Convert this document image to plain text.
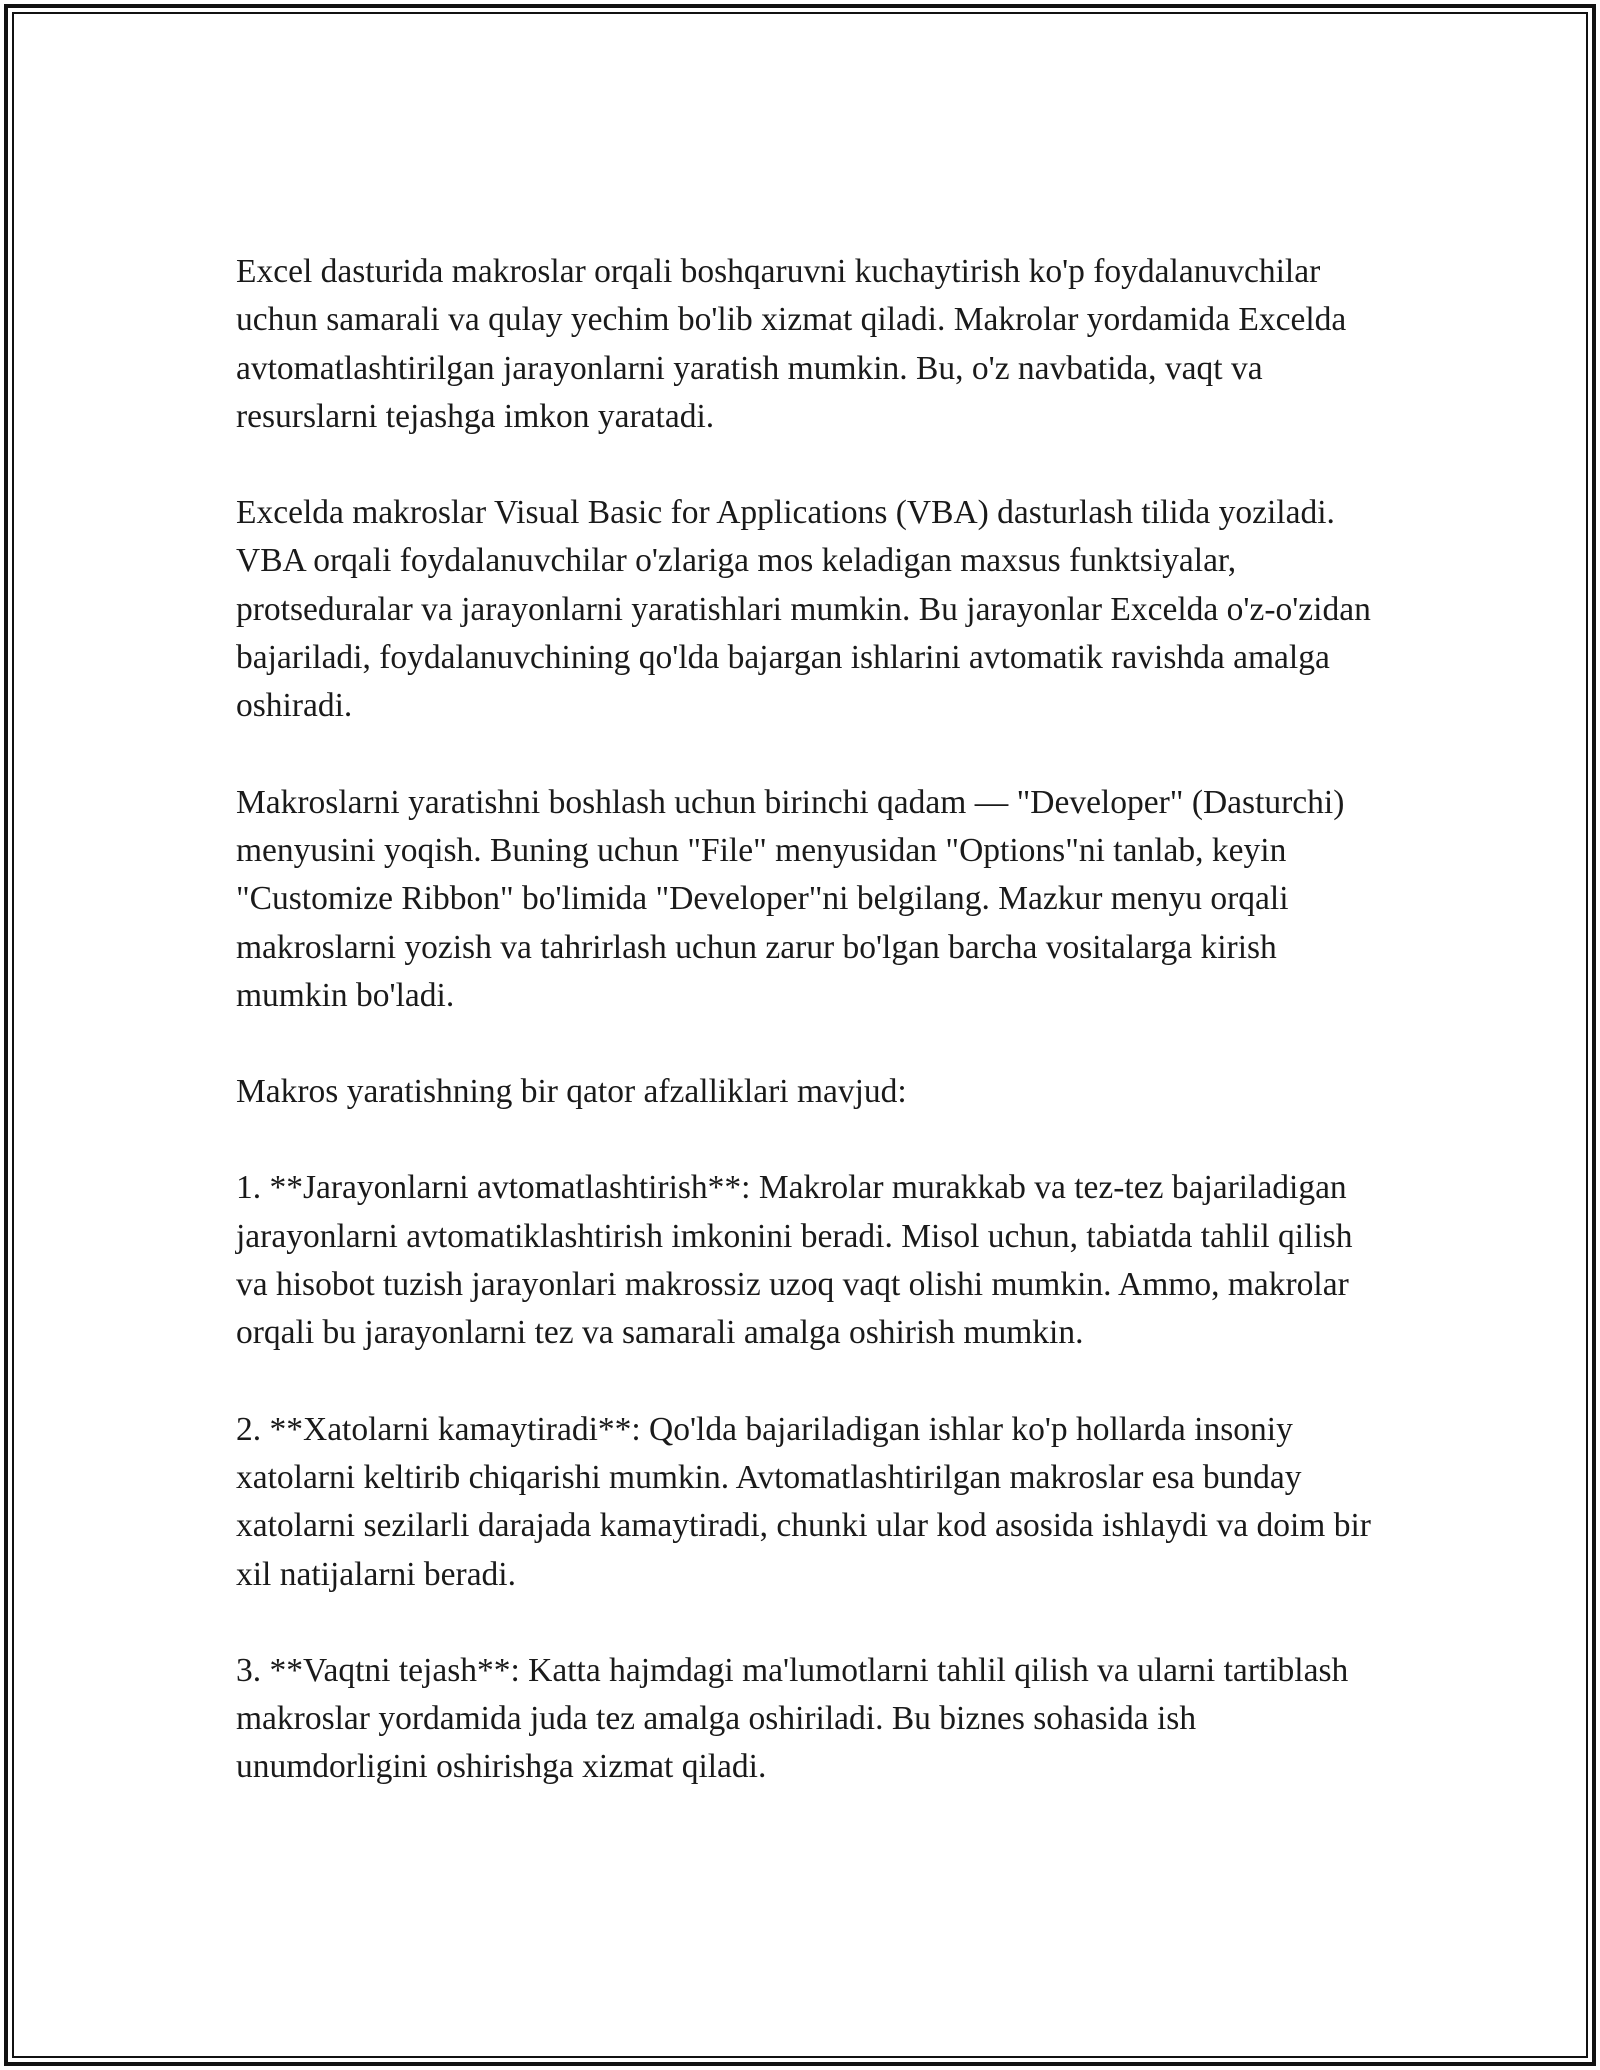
Excel dasturida makroslar orqali boshqaruvni kuchaytirish ko'p foydalanuvchilar uchun samarali va qulay yechim bo'lib xizmat qiladi. Makrolar yordamida Excelda avtomatlashtirilgan jarayonlarni yaratish mumkin. Bu, o'z navbatida, vaqt va resurslarni tejashga imkon yaratadi.

Excelda makroslar Visual Basic for Applications (VBA) dasturlash tilida yoziladi. VBA orqali foydalanuvchilar o'zlariga mos keladigan maxsus funktsiyalar, protseduralar va jarayonlarni yaratishlari mumkin. Bu jarayonlar Excelda o'z-o'zidan bajariladi, foydalanuvchining qo'lda bajargan ishlarini avtomatik ravishda amalga oshiradi.

Makroslarni yaratishni boshlash uchun birinchi qadam — "Developer" (Dasturchi) menyusini yoqish. Buning uchun "File" menyusidan "Options"ni tanlab, keyin "Customize Ribbon" bo'limida "Developer"ni belgilang. Mazkur menyu orqali makroslarni yozish va tahrirlash uchun zarur bo'lgan barcha vositalarga kirish mumkin bo'ladi.

Makros yaratishning bir qator afzalliklari mavjud:

1. **Jarayonlarni avtomatlashtirish**: Makrolar murakkab va tez-tez bajariladigan jarayonlarni avtomatiklashtirish imkonini beradi. Misol uchun, tabiatda tahlil qilish va hisobot tuzish jarayonlari makrossiz uzoq vaqt olishi mumkin. Ammo, makrolar orqali bu jarayonlarni tez va samarali amalga oshirish mumkin.

2. **Xatolarni kamaytiradi**: Qo'lda bajariladigan ishlar ko'p hollarda insoniy xatolarni keltirib chiqarishi mumkin. Avtomatlashtirilgan makroslar esa bunday xatolarni sezilarli darajada kamaytiradi, chunki ular kod asosida ishlaydi va doim bir xil natijalarni beradi.

3. **Vaqtni tejash**: Katta hajmdagi ma'lumotlarni tahlil qilish va ularni tartiblash makroslar yordamida juda tez amalga oshiriladi. Bu biznes sohasida ish unumdorligini oshirishga xizmat qiladi.
